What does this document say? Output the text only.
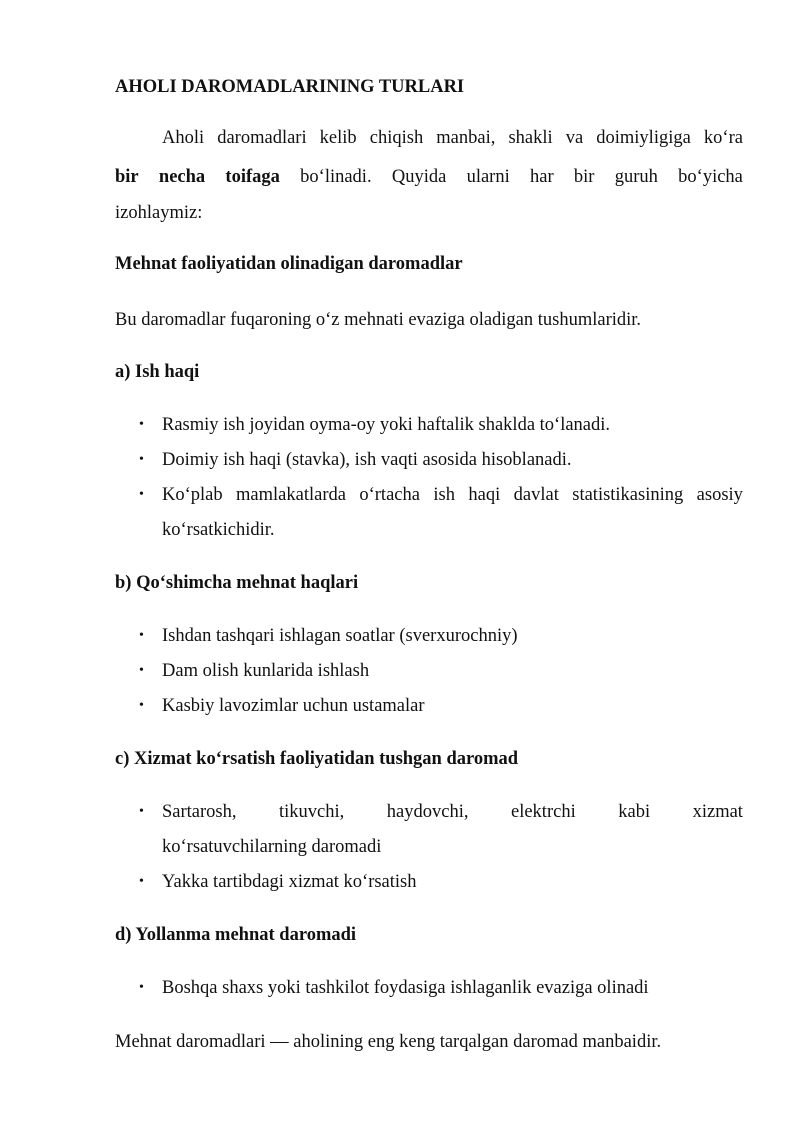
AHOLI DAROMADLARINING TURLARI
Aholi daromadlari kelib chiqish manbai, shakli va doimiyligiga ko‘ra
bir necha toifaga bo‘linadi. Quyida ularni har bir guruh bo‘yicha
izohlaymiz:
Mehnat faoliyatidan olinadigan daromadlar
Bu daromadlar fuqaroning o‘z mehnati evaziga oladigan tushumlaridir.
a) Ish haqi
• Rasmiy ish joyidan oyma-oy yoki haftalik shaklda to‘lanadi.
• Doimiy ish haqi (stavka), ish vaqti asosida hisoblanadi.
• Ko‘plab mamlakatlarda o‘rtacha ish haqi davlat statistikasining asosiy
ko‘rsatkichidir.
b) Qo‘shimcha mehnat haqlari
• Ishdan tashqari ishlagan soatlar (sverxurochniy)
• Dam olish kunlarida ishlash
• Kasbiy lavozimlar uchun ustamalar
c) Xizmat ko‘rsatish faoliyatidan tushgan daromad
• Sartarosh, tikuvchi, haydovchi, elektrchi kabi xizmat
ko‘rsatuvchilarning daromadi
• Yakka tartibdagi xizmat ko‘rsatish
d) Yollanma mehnat daromadi
• Boshqa shaxs yoki tashkilot foydasiga ishlaganlik evaziga olinadi
Mehnat daromadlari — aholining eng keng tarqalgan daromad manbaidir.
